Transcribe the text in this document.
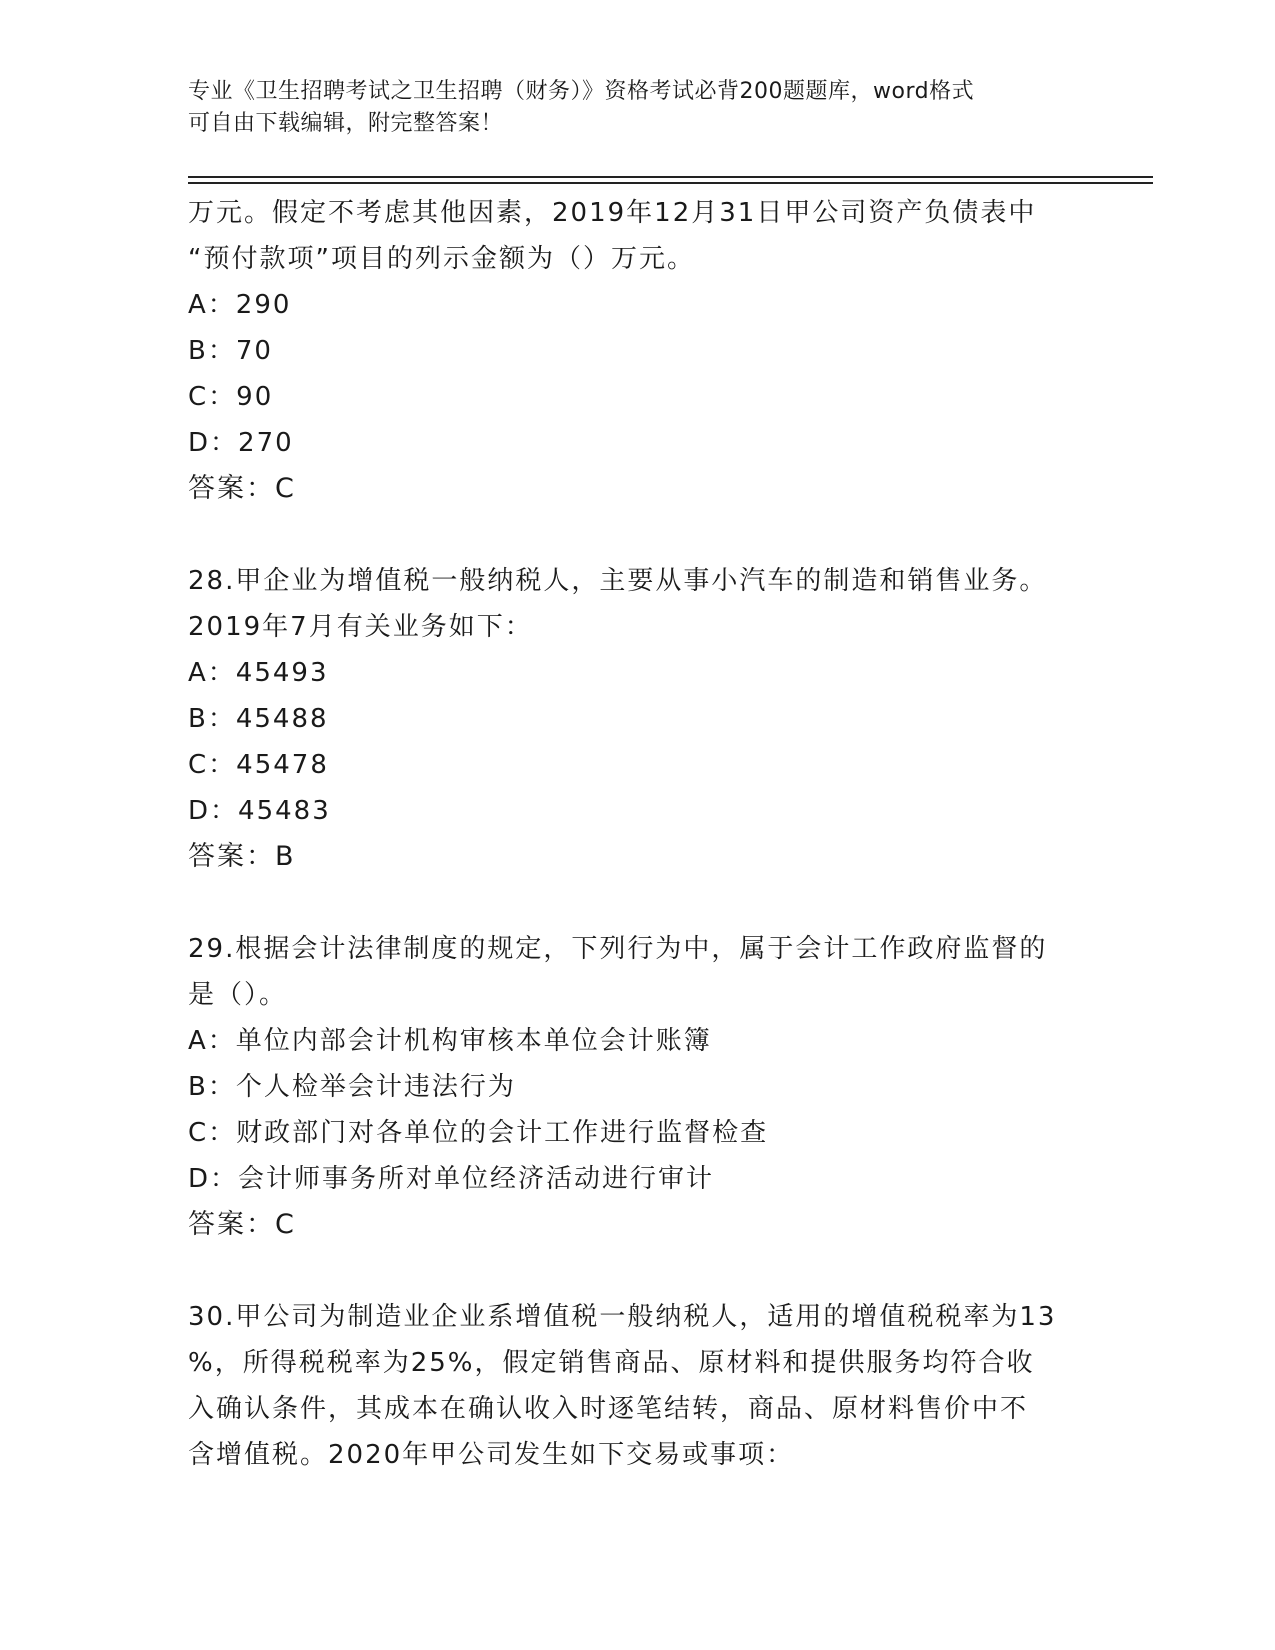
专业《卫生招聘考试之卫生招聘（财务）》资格考试必背200题题库，word格式
可自由下载编辑，附完整答案！
万元。假定不考虑其他因素，2019年12月31日甲公司资产负债表中
“预付款项”项目的列示金额为（）万元。
A：290
B：70
C：90
D：270
答案：C
28.甲企业为增值税一般纳税人，主要从事小汽车的制造和销售业务。
2019年7月有关业务如下：
A：45493
B：45488
C：45478
D：45483
答案：B
29.根据会计法律制度的规定，下列行为中，属于会计工作政府监督的
是（）。
A：单位内部会计机构审核本单位会计账簿
B：个人检举会计违法行为
C：财政部门对各单位的会计工作进行监督检查
D：会计师事务所对单位经济活动进行审计
答案：C
30.甲公司为制造业企业系增值税一般纳税人，适用的增值税税率为13
%，所得税税率为25%，假定销售商品、原材料和提供服务均符合收
入确认条件，其成本在确认收入时逐笔结转，商品、原材料售价中不
含增值税。2020年甲公司发生如下交易或事项：
